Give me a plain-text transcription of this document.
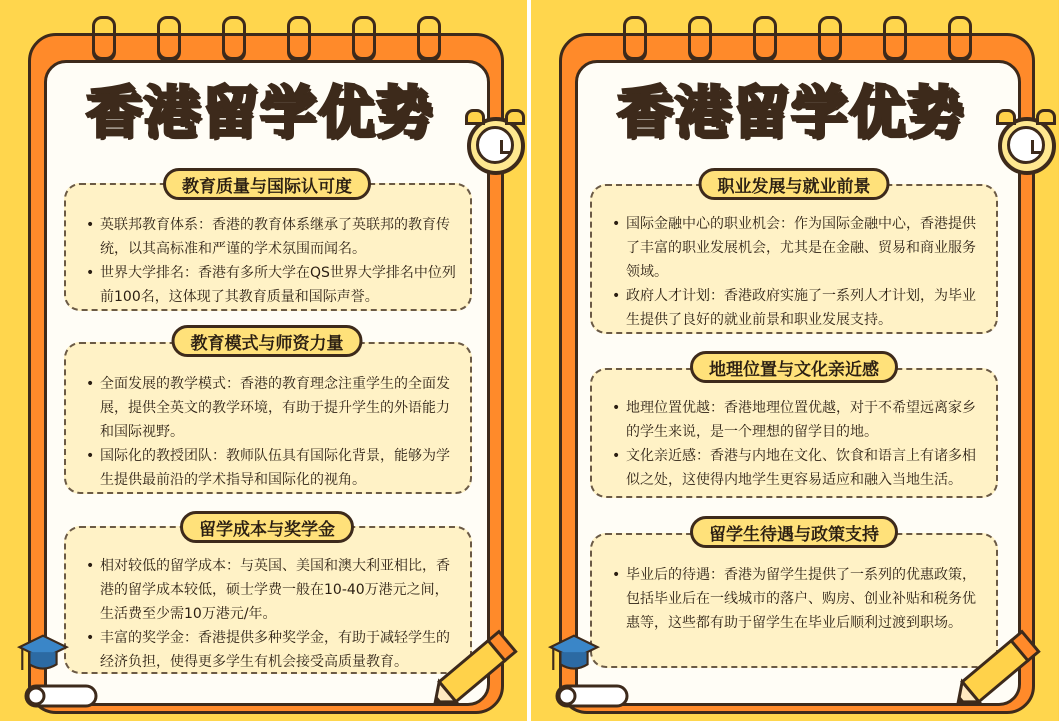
香港留学优势
• 英联邦教育体系：香港的教育体系继承了英联邦的教育传统，以其高标准和严谨的学术氛围而闻名。
• 世界大学排名：香港有多所大学在QS世界大学排名中位列前100名，这体现了其教育质量和国际声誉。
教育质量与国际认可度
• 全面发展的教学模式：香港的教育理念注重学生的全面发展，提供全英文的教学环境，有助于提升学生的外语能力和国际视野。
• 国际化的教授团队：教师队伍具有国际化背景，能够为学生提供最前沿的学术指导和国际化的视角。
教育模式与师资力量
• 相对较低的留学成本：与英国、美国和澳大利亚相比，香港的留学成本较低，硕士学费一般在10-40万港元之间，生活费至少需10万港元/年。
• 丰富的奖学金：香港提供多种奖学金，有助于减轻学生的经济负担，使得更多学生有机会接受高质量教育。
留学成本与奖学金
香港留学优势
• 国际金融中心的职业机会：作为国际金融中心，香港提供了丰富的职业发展机会，尤其是在金融、贸易和商业服务领域。
• 政府人才计划：香港政府实施了一系列人才计划，为毕业生提供了良好的就业前景和职业发展支持。
职业发展与就业前景
• 地理位置优越：香港地理位置优越，对于不希望远离家乡的学生来说，是一个理想的留学目的地。
• 文化亲近感：香港与内地在文化、饮食和语言上有诸多相似之处，这使得内地学生更容易适应和融入当地生活。
地理位置与文化亲近感
• 毕业后的待遇：香港为留学生提供了一系列的优惠政策，包括毕业后在一线城市的落户、购房、创业补贴和税务优惠等，这些都有助于留学生在毕业后顺利过渡到职场。
留学生待遇与政策支持
